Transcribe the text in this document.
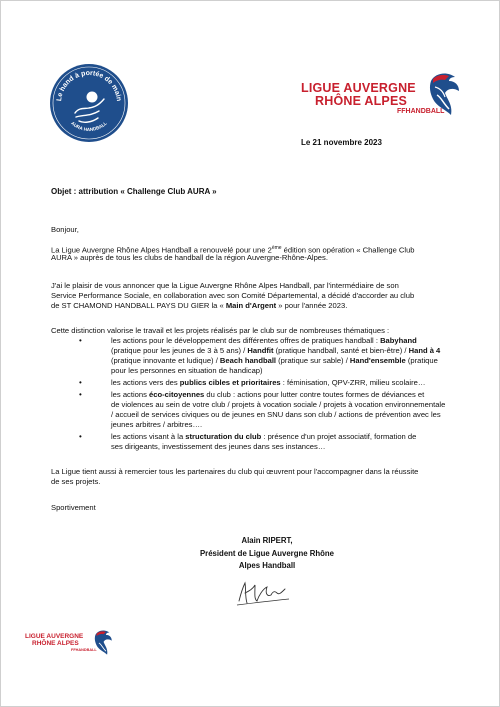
Le hand à portée de main
AURA HANDBALL
LIGUE AUVERGNE
RHÔNE ALPES
FFHANDBALL
Le 21 novembre 2023
Objet : attribution « Challenge Club AURA »
Bonjour,
La Ligue Auvergne Rhône Alpes Handball a renouvelé pour une 2ème édition son opération « Challenge Club
AURA » auprès de tous les clubs de handball de la région Auvergne-Rhône-Alpes.
J'ai le plaisir de vous annoncer que la Ligue Auvergne Rhône Alpes Handball, par l'intermédiaire de son
Service Performance Sociale, en collaboration avec son Comité Départemental, a décidé d'accorder au club
de ST CHAMOND HANDBALL PAYS DU GIER la « Main d'Argent » pour l'année 2023.
Cette distinction valorise le travail et les projets réalisés par le club sur de nombreuses thématiques :
•	les actions pour le développement des différentes offres de pratiques handball : Babyhand
(pratique pour les jeunes de 3 à 5 ans) / Handfit (pratique handball, santé et bien-être) / Hand à 4
(pratique innovante et ludique) / Beach handball (pratique sur sable) / Hand'ensemble (pratique
pour les personnes en situation de handicap)
•	les actions vers des publics cibles et prioritaires : féminisation, QPV-ZRR, milieu scolaire…
•	les actions éco-citoyennes du club : actions pour lutter contre toutes formes de déviances et
de violences au sein de votre club / projets à vocation sociale / projets à vocation environnementale
/ accueil de services civiques ou de jeunes en SNU dans son club / actions de prévention avec les
jeunes arbitres / arbitres….
•	les actions visant à la structuration du club : présence d'un projet associatif, formation de
ses dirigeants, investissement des jeunes dans ses instances…
La Ligue tient aussi à remercier tous les partenaires du club qui œuvrent pour l'accompagner dans la réussite
de ses projets.
Sportivement
Alain RIPERT,
Président de Ligue Auvergne Rhône
Alpes Handball
LIGUE AUVERGNE
RHÔNE ALPES
FFHANDBALL
